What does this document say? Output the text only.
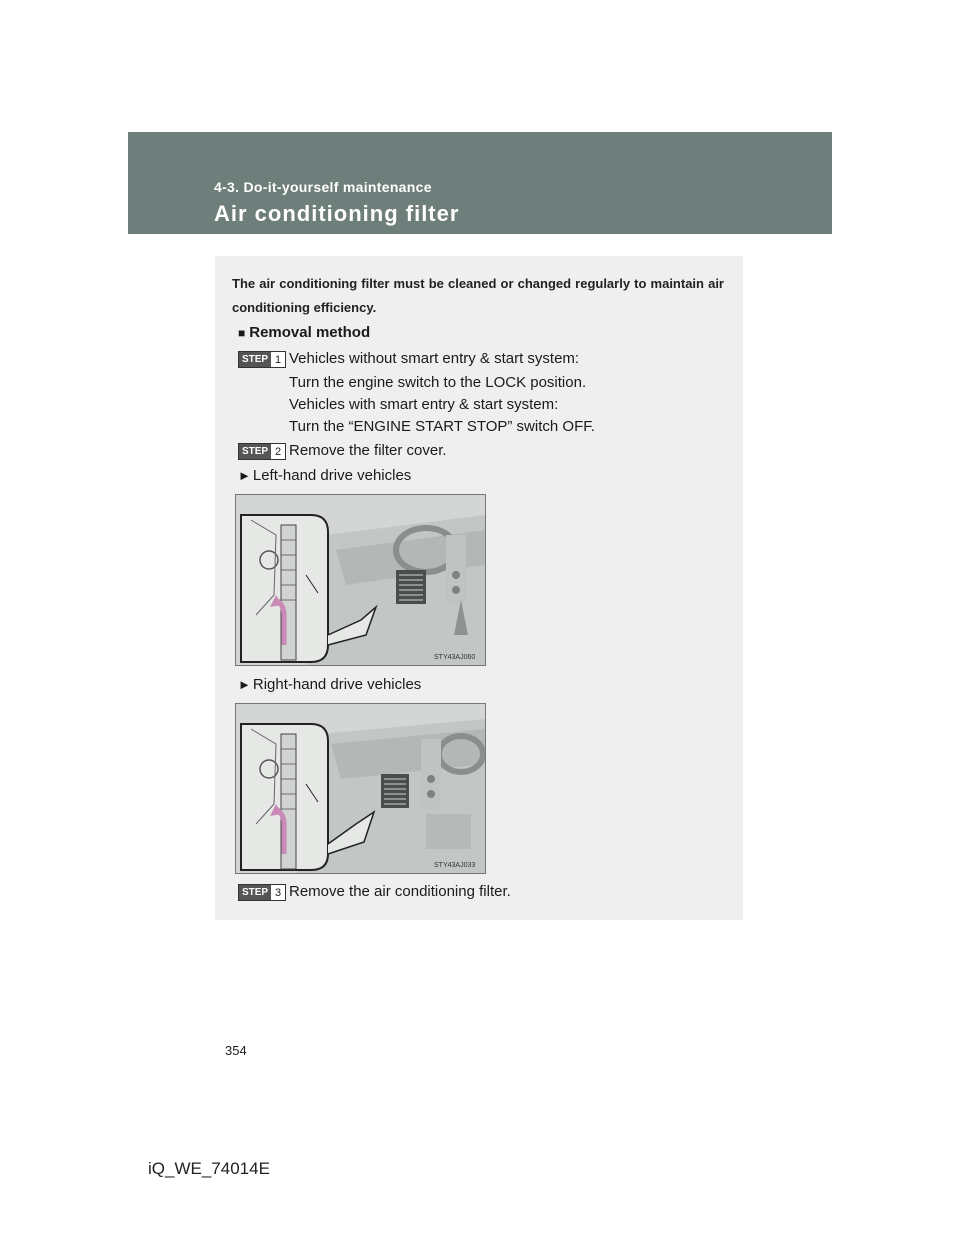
4-3. Do-it-yourself maintenance
Air conditioning filter
The air conditioning filter must be cleaned or changed regularly to maintain air conditioning efficiency.
■ Removal method
STEP 1 Vehicles without smart entry & start system:
Turn the engine switch to the LOCK position.
Vehicles with smart entry & start system:
Turn the “ENGINE START STOP” switch OFF.
STEP 2 Remove the filter cover.
► Left-hand drive vehicles
STY43AJ060
► Right-hand drive vehicles
STY43AJ033
STEP 3 Remove the air conditioning filter.
354
iQ_WE_74014E
